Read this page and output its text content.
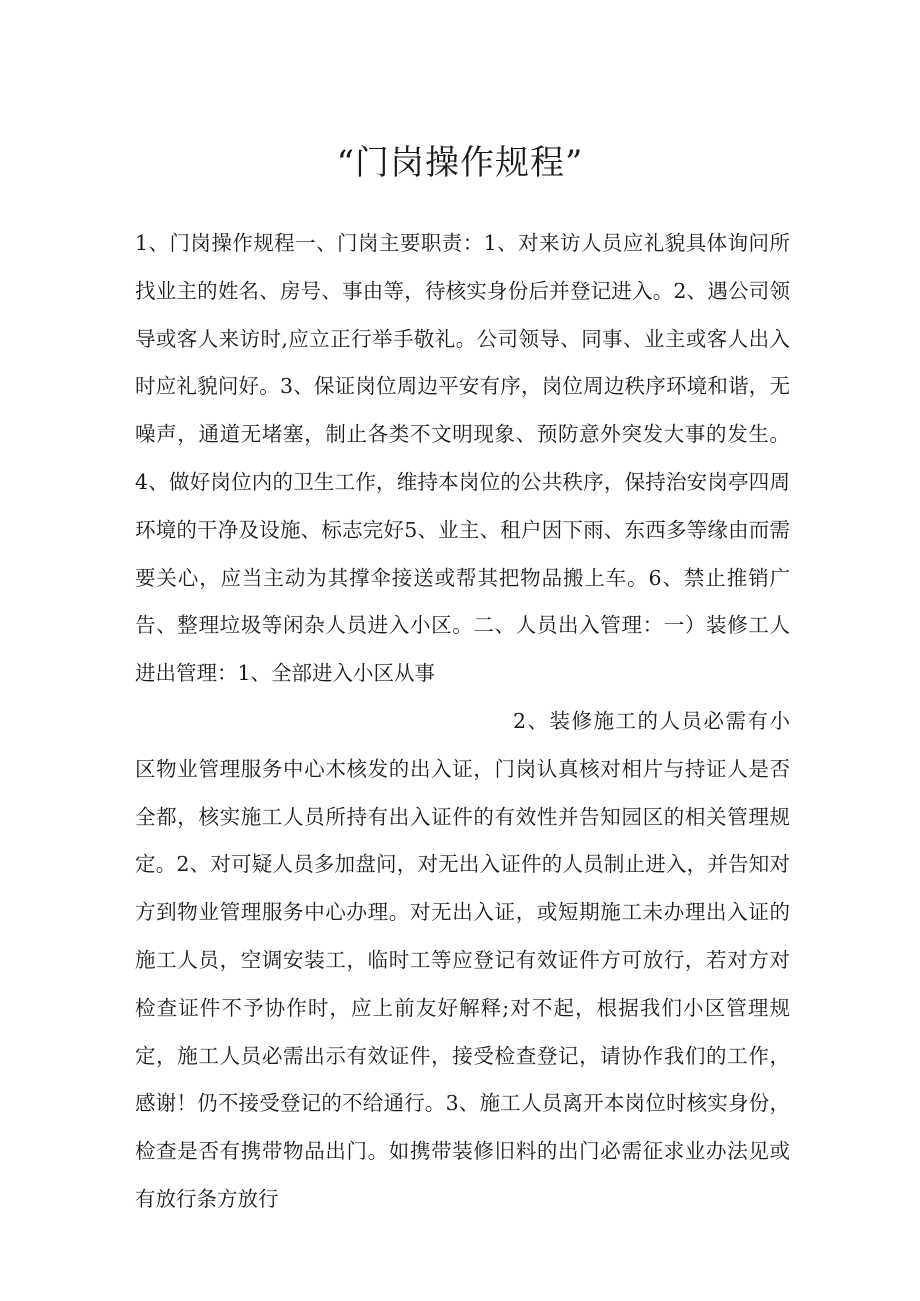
“门岗操作规程”

1、门岗操作规程一、门岗主要职责：1、对来访人员应礼貌具体询问所找业主的姓名、房号、事由等，待核实身份后并登记进入。2、遇公司领导或客人来访时,应立正行举手敬礼。公司领导、同事、业主或客人出入时应礼貌问好。3、保证岗位周边平安有序，岗位周边秩序环境和谐，无噪声，通道无堵塞，制止各类不文明现象、预防意外突发大事的发生。4、做好岗位内的卫生工作，维持本岗位的公共秩序，保持治安岗亭四周环境的干净及设施、标志完好5、业主、租户因下雨、东西多等缘由而需要关心，应当主动为其撑伞接送或帮其把物品搬上车。6、禁止推销广告、整理垃圾等闲杂人员进入小区。二、人员出入管理：一）装修工人进出管理：1、全部进入小区从事

2、装修施工的人员必需有小区物业管理服务中心木核发的出入证，门岗认真核对相片与持证人是否全都，核实施工人员所持有出入证件的有效性并告知园区的相关管理规定。2、对可疑人员多加盘问，对无出入证件的人员制止进入，并告知对方到物业管理服务中心办理。对无出入证，或短期施工未办理出入证的施工人员，空调安装工，临时工等应登记有效证件方可放行，若对方对检查证件不予协作时，应上前友好解释;对不起，根据我们小区管理规定，施工人员必需出示有效证件，接受检查登记，请协作我们的工作，感谢！仍不接受登记的不给通行。3、施工人员离开本岗位时核实身份，检查是否有携带物品出门。如携带装修旧料的出门必需征求业办法见或有放行条方放行
